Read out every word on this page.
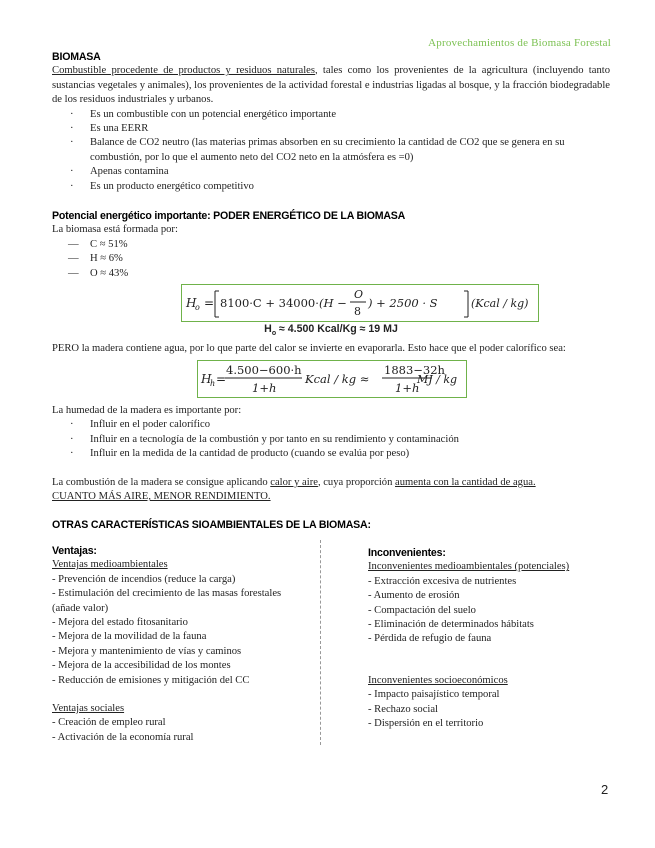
Aprovechamientos de Biomasa Forestal

BIOMASA

Combustible procedente de productos y residuos naturales, tales como los provenientes de la agricultura (incluyendo tanto sustancias vegetales y animales), los provenientes de la actividad forestal e industrias ligadas al bosque, y la fracción biodegradable de los residuos industriales y urbanos.

· Es un combustible con un potencial energético importante
· Es una EERR
· Balance de CO2 neutro (las materias primas absorben en su crecimiento la cantidad de CO2 que se genera en su combustión, por lo que el aumento neto del CO2 neto en la atmósfera es =0)
· Apenas contamina
· Es un producto energético competitivo

Potencial energético importante: PODER ENERGÉTICO DE LA BIOMASA

La biomasa está formada por:

— C ≈ 51%
— H ≈ 6%
— O ≈ 43%
H
o = 8100·C + 34000· (H −
O
8
) + 2500 · S	(Kcal / kg)

$H_o \approx 4.500$ Kcal/Kg ≈ 19 MJ

PERO la madera contiene agua, por lo que parte del calor se invierte en evaporarla. Esto hace que el poder calorífico sea:

H
h =
4.500−600·h
1+h
Kcal / kg ≈
1883−32h
1+h
MJ / kg

La humedad de la madera es importante por:

· Influir en el poder calorífico
· Influir en a tecnología de la combustión y por tanto en su rendimiento y contaminación
· Influir en la medida de la cantidad de producto (cuando se evalúa por peso)

La combustión de la madera se consigue aplicando calor y aire, cuya proporción aumenta con la cantidad de agua.
CUANTO MÁS AIRE, MENOR RENDIMIENTO.

OTRAS CARACTERÍSTICAS SIOAMBIENTALES DE LA BIOMASA:

Ventajas:

Ventajas medioambientales

- Prevención de incendios (reduce la carga)

- Estimulación del crecimiento de las masas forestales (añade valor)

- Mejora del estado fitosanitario

- Mejora de la movilidad de la fauna

- Mejora y mantenimiento de vías y caminos

- Mejora de la accesibilidad de los montes

- Reducción de emisiones y mitigación del CC

Ventajas sociales

- Creación de empleo rural

- Activación de la economía rural

Inconvenientes:

Inconvenientes medioambientales (potenciales)

- Extracción excesiva de nutrientes

- Aumento de erosión

- Compactación del suelo

- Eliminación de determinados hábitats

- Pérdida de refugio de fauna

Inconvenientes socioeconómicos

- Impacto paisajístico temporal

- Rechazo social

- Dispersión en el territorio

2
